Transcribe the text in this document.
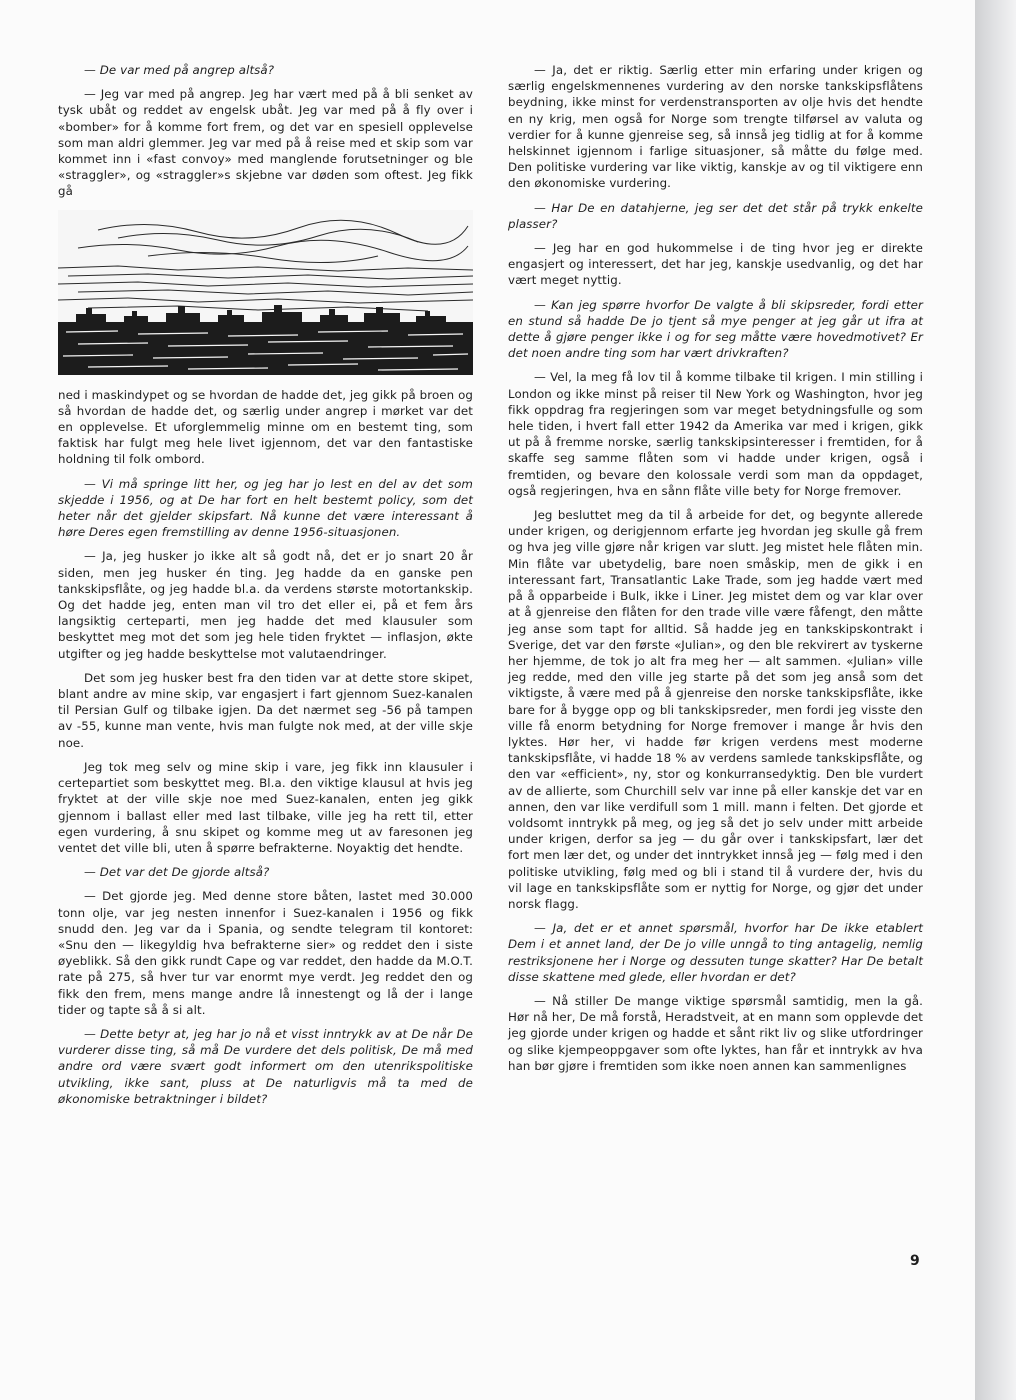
— De var med på angrep altså?

— Jeg var med på angrep. Jeg har vært med på å bli senket av tysk ubåt og reddet av engelsk ubåt. Jeg var med på å fly over i «bomber» for å komme fort frem, og det var en spesiell opplevelse som man aldri glemmer. Jeg var med på å reise med et skip som var kommet inn i «fast convoy» med manglende forutsetninger og ble «straggler», og «straggler»s skjebne var døden som oftest. Jeg fikk gå

ned i maskindypet og se hvordan de hadde det, jeg gikk på broen og så hvordan de hadde det, og særlig under angrep i mørket var det en opplevelse. Et uforglemmelig minne om en bestemt ting, som faktisk har fulgt meg hele livet igjennom, det var den fantastiske holdning til folk ombord.

— Vi må springe litt her, og jeg har jo lest en del av det som skjedde i 1956, og at De har fort en helt bestemt policy, som det heter når det gjelder skipsfart. Nå kunne det være interessant å høre Deres egen fremstilling av denne 1956-situasjonen.

— Ja, jeg husker jo ikke alt så godt nå, det er jo snart 20 år siden, men jeg husker én ting. Jeg hadde da en ganske pen tankskipsflåte, og jeg hadde bl.a. da verdens største motortankskip. Og det hadde jeg, enten man vil tro det eller ei, på et fem års langsiktig certeparti, men jeg hadde det med klausuler som beskyttet meg mot det som jeg hele tiden fryktet — inflasjon, økte utgifter og jeg hadde beskyttelse mot valutaendringer.

Det som jeg husker best fra den tiden var at dette store skipet, blant andre av mine skip, var engasjert i fart gjennom Suez-kanalen til Persian Gulf og tilbake igjen. Da det nærmet seg -56 på tampen av -55, kunne man vente, hvis man fulgte nok med, at der ville skje noe.

Jeg tok meg selv og mine skip i vare, jeg fikk inn klausuler i certepartiet som beskyttet meg. Bl.a. den viktige klausul at hvis jeg fryktet at der ville skje noe med Suez-kanalen, enten jeg gikk gjennom i ballast eller med last tilbake, ville jeg ha rett til, etter egen vurdering, å snu skipet og komme meg ut av faresonen jeg ventet det ville bli, uten å spørre befrakterne. Noyaktig det hendte.

— Det var det De gjorde altså?

— Det gjorde jeg. Med denne store båten, lastet med 30.000 tonn olje, var jeg nesten innenfor i Suez-kanalen i 1956 og fikk snudd den. Jeg var da i Spania, og sendte telegram til kontoret: «Snu den — likegyldig hva befrakterne sier» og reddet den i siste øyeblikk. Så den gikk rundt Cape og var reddet, den hadde da M.O.T. rate på 275, så hver tur var enormt mye verdt. Jeg reddet den og fikk den frem, mens mange andre lå innestengt og lå der i lange tider og tapte så å si alt.

— Dette betyr at, jeg har jo nå et visst inntrykk av at De når De vurderer disse ting, så må De vurdere det dels politisk, De må med andre ord være svært godt informert om den utenrikspolitiske utvikling, ikke sant, pluss at De naturligvis må ta med de økonomiske betraktninger i bildet?

— Ja, det er riktig. Særlig etter min erfaring under krigen og særlig engelskmennenes vurdering av den norske tankskipsflåtens beydning, ikke minst for verdenstransporten av olje hvis det hendte en ny krig, men også for Norge som trengte tilførsel av valuta og verdier for å kunne gjenreise seg, så innså jeg tidlig at for å komme helskinnet igjennom i farlige situasjoner, så måtte du følge med. Den politiske vurdering var like viktig, kanskje av og til viktigere enn den økonomiske vurdering.

— Har De en datahjerne, jeg ser det det står på trykk enkelte plasser?

— Jeg har en god hukommelse i de ting hvor jeg er direkte engasjert og interessert, det har jeg, kanskje usedvanlig, og det har vært meget nyttig.

— Kan jeg spørre hvorfor De valgte å bli skipsreder, fordi etter en stund så hadde De jo tjent så mye penger at jeg går ut ifra at dette å gjøre penger ikke i og for seg måtte være hovedmotivet? Er det noen andre ting som har vært drivkraften?

— Vel, la meg få lov til å komme tilbake til krigen. I min stilling i London og ikke minst på reiser til New York og Washington, hvor jeg fikk oppdrag fra regjeringen som var meget betydningsfulle og som hele tiden, i hvert fall etter 1942 da Amerika var med i krigen, gikk ut på å fremme norske, særlig tankskipsinteresser i fremtiden, for å skaffe seg samme flåten som vi hadde under krigen, også i fremtiden, og bevare den kolossale verdi som man da oppdaget, også regjeringen, hva en sånn flåte ville bety for Norge fremover.

Jeg besluttet meg da til å arbeide for det, og begynte allerede under krigen, og derigjennom erfarte jeg hvordan jeg skulle gå frem og hva jeg ville gjøre når krigen var slutt. Jeg mistet hele flåten min. Min flåte var ubetydelig, bare noen småskip, men de gikk i en interessant fart, Transatlantic Lake Trade, som jeg hadde vært med på å opparbeide i Bulk, ikke i Liner. Jeg mistet dem og var klar over at å gjenreise den flåten for den trade ville være fåfengt, den måtte jeg anse som tapt for alltid. Så hadde jeg en tankskipskontrakt i Sverige, det var den første «Julian», og den ble rekvirert av tyskerne her hjemme, de tok jo alt fra meg her — alt sammen. «Julian» ville jeg redde, med den ville jeg starte på det som jeg anså som det viktigste, å være med på å gjenreise den norske tankskipsflåte, ikke bare for å bygge opp og bli tankskipsreder, men fordi jeg visste den ville få enorm betydning for Norge fremover i mange år hvis den lyktes. Hør her, vi hadde før krigen verdens mest moderne tankskipsflåte, vi hadde 18 % av verdens samlede tankskipsflåte, og den var «efficient», ny, stor og konkurransedyktig. Den ble vurdert av de allierte, som Churchill selv var inne på eller kanskje det var en annen, den var like verdifull som 1 mill. mann i felten. Det gjorde et voldsomt inntrykk på meg, og jeg så det jo selv under mitt arbeide under krigen, derfor sa jeg — du går over i tankskipsfart, lær det fort men lær det, og under det inntrykket innså jeg — følg med i den politiske utvikling, følg med og bli i stand til å vurdere der, hvis du vil lage en tankskipsflåte som er nyttig for Norge, og gjør det under norsk flagg.

— Ja, det er et annet spørsmål, hvorfor har De ikke etablert Dem i et annet land, der De jo ville unngå to ting antagelig, nemlig restriksjonene her i Norge og dessuten tunge skatter? Har De betalt disse skattene med glede, eller hvordan er det?

— Nå stiller De mange viktige spørsmål samtidig, men la gå. Hør nå her, De må forstå, Heradstveit, at en mann som opplevde det jeg gjorde under krigen og hadde et sånt rikt liv og slike utfordringer og slike kjempeoppgaver som ofte lyktes, han får et inntrykk av hva han bør gjøre i fremtiden som ikke noen annen kan sammenlignes

9
